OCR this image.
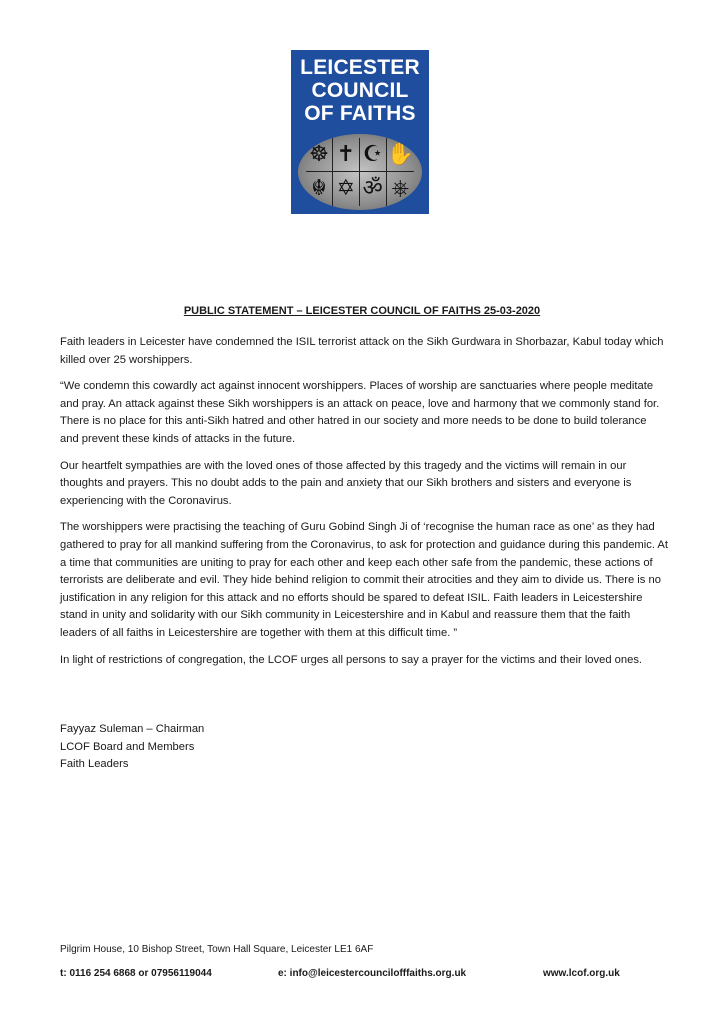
LEICESTER
COUNCIL
OF FAITHS
☸ ✝ ☪ ✋
☬ ✡ ॐ ⎈
PUBLIC STATEMENT – LEICESTER COUNCIL OF FAITHS 25-03-2020

Faith leaders in Leicester have condemned the ISIL terrorist attack on the Sikh Gurdwara in Shorbazar, Kabul today which killed over 25 worshippers.

“We condemn this cowardly act against innocent worshippers. Places of worship are sanctuaries where people meditate and pray. An attack against these Sikh worshippers is an attack on peace, love and harmony that we commonly stand for. There is no place for this anti-Sikh hatred and other hatred in our society and more needs to be done to build tolerance and prevent these kinds of attacks in the future.

Our heartfelt sympathies are with the loved ones of those affected by this tragedy and the victims will remain in our thoughts and prayers. This no doubt adds to the pain and anxiety that our Sikh brothers and sisters and everyone is experiencing with the Coronavirus.

The worshippers were practising the teaching of Guru Gobind Singh Ji of ‘recognise the human race as one’ as they had gathered to pray for all mankind suffering from the Coronavirus, to ask for protection and guidance during this pandemic. At a time that communities are uniting to pray for each other and keep each other safe from the pandemic, these actions of terrorists are deliberate and evil. They hide behind religion to commit their atrocities and they aim to divide us. There is no justification in any religion for this attack and no efforts should be spared to defeat ISIL. Faith leaders in Leicestershire stand in unity and solidarity with our Sikh community in Leicestershire and in Kabul and reassure them that the faith leaders of all faiths in Leicestershire are together with them at this difficult time. ”

In light of restrictions of congregation, the LCOF urges all persons to say a prayer for the victims and their loved ones.

Fayyaz Suleman – Chairman
LCOF Board and Members
Faith Leaders
Pilgrim House, 10 Bishop Street, Town Hall Square, Leicester LE1 6AF
t: 0116 254 6868 or 07956119044	e: info@leicestercouncilofffaiths.org.uk	www.lcof.org.uk
